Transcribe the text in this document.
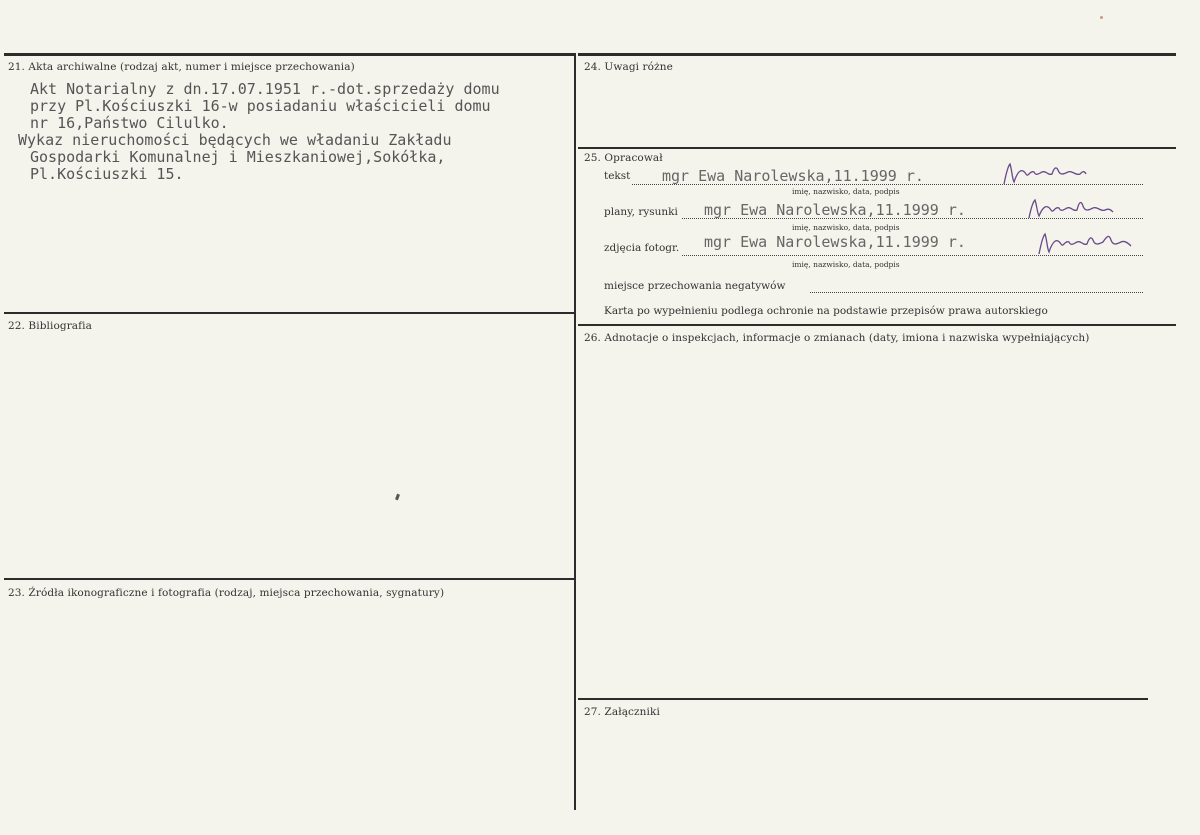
21. Akta archiwalne (rodzaj akt, numer i miejsce przechowania)
Akt Notarialny z dn.17.07.1951 r.-dot.sprzedaży domu
przy Pl.Kościuszki 16-w posiadaniu właścicieli domu
nr 16,Państwo Cilulko.
Wykaz nieruchomości będących we władaniu Zakładu
Gospodarki Komunalnej i Mieszkaniowej,Sokółka,
Pl.Kościuszki 15.
22. Bibliografia
23. Źródła ikonograficzne i fotografia (rodzaj, miejsca przechowania, sygnatury)
24. Uwagi różne
25. Opracował
tekst mgr Ewa Narolewska,11.1999 r.
imię, nazwisko, data, podpis
plany, rysunki mgr Ewa Narolewska,11.1999 r.
imię, nazwisko, data, podpis
zdjęcia fotogr. mgr Ewa Narolewska,11.1999 r.
imię, nazwisko, data, podpis
miejsce przechowania negatywów
Karta po wypełnieniu podlega ochronie na podstawie przepisów prawa autorskiego
26. Adnotacje o inspekcjach, informacje o zmianach (daty, imiona i nazwiska wypełniających)
27. Załączniki
